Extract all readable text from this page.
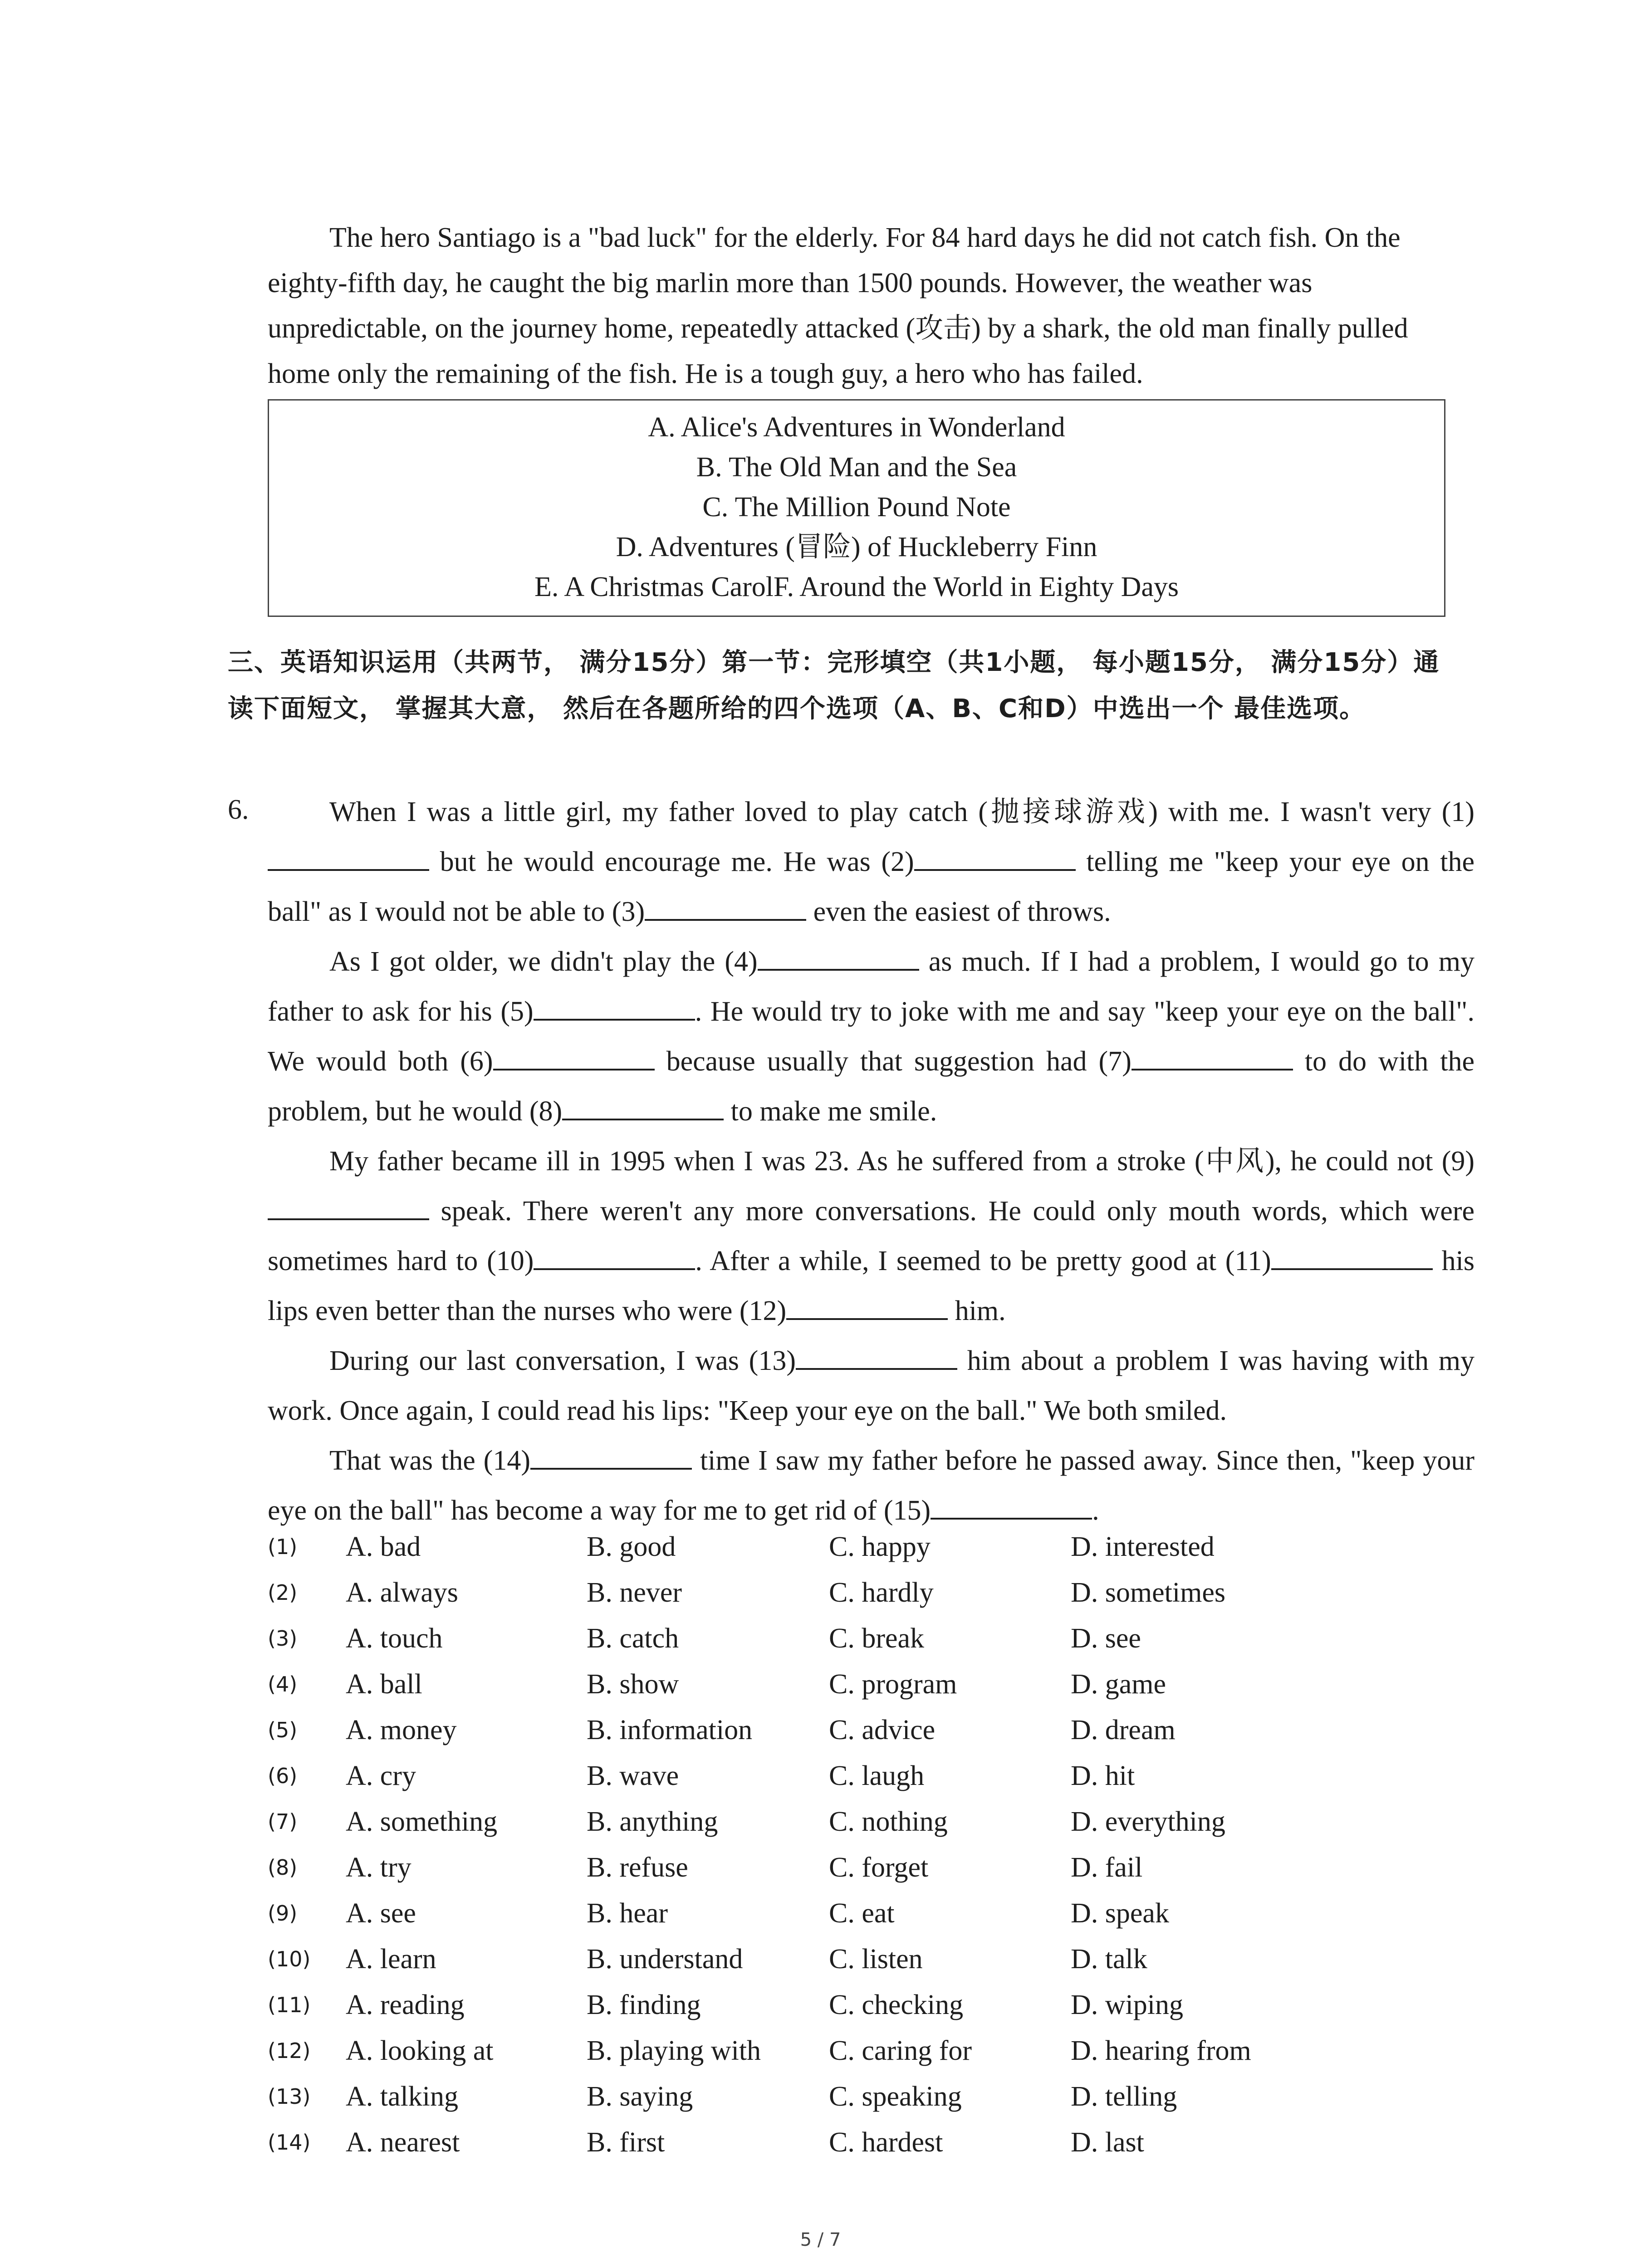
The hero Santiago is a "bad luck" for the elderly. For 84 hard days he did not catch fish. On the eighty-fifth day, he caught the big marlin more than 1500 pounds. However, the weather was unpredictable, on the journey home, repeatedly attacked (攻击) by a shark, the old man finally pulled home only the remaining of the fish. He is a tough guy, a hero who has failed.
A. Alice's Adventures in Wonderland
B. The Old Man and the Sea
C. The Million Pound Note
D. Adventures (冒险) of Huckleberry Finn
E. A Christmas CarolF. Around the World in Eighty Days
三、英语知识运用（共两节， 满分15分）第一节：完形填空（共1小题， 每小题15分， 满分15分）通读下面短文， 掌握其大意， 然后在各题所给的四个选项（A、B、C和D）中选出一个 最佳选项。
6.	When I was a little girl, my father loved to play catch (抛接球游戏) with me. I wasn't very (1) but he would encourage me. He was (2)	telling me "keep your eye on the ball" as I would not be able to (3)	even the easiest of throws.

As I got older, we didn't play the (4)	as much. If I had a problem, I would go to my father to ask for his (5)	. He would try to joke with me and say "keep your eye on the ball". We would both (6)	because usually that suggestion had (7)	to do with the problem, but he would (8)	to make me smile.

My father became ill in 1995 when I was 23. As he suffered from a stroke (中风), he could not (9) speak. There weren't any more conversations. He could only mouth words, which were sometimes hard to (10)	. After a while, I seemed to be pretty good at (11)	his lips even better than the nurses who were (12)	him.

During our last conversation, I was (13)	him about a problem I was having with my work. Once again, I could read his lips: "Keep your eye on the ball." We both smiled.

That was the (14)	time I saw my father before he passed away. Since then, "keep your eye on the ball" has become a way for me to get rid of (15)	.

(1) A. bad	B. good	C. happy	D. interested
(2) A. always	B. never	C. hardly	D. sometimes
(3) A. touch	B. catch	C. break	D. see
(4) A. ball	B. show	C. program	D. game
(5) A. money	B. information	C. advice	D. dream
(6) A. cry	B. wave	C. laugh	D. hit
(7) A. something	B. anything	C. nothing	D. everything
(8) A. try	B. refuse	C. forget	D. fail
(9) A. see	B. hear	C. eat	D. speak
(10) A. learn	B. understand	C. listen	D. talk
(11) A. reading	B. finding	C. checking	D. wiping
(12) A. looking at	B. playing with C. caring for	D. hearing from
(13) A. talking	B. saying	C. speaking	D. telling
(14) A. nearest	B. first	C. hardest	D. last
5 / 7
